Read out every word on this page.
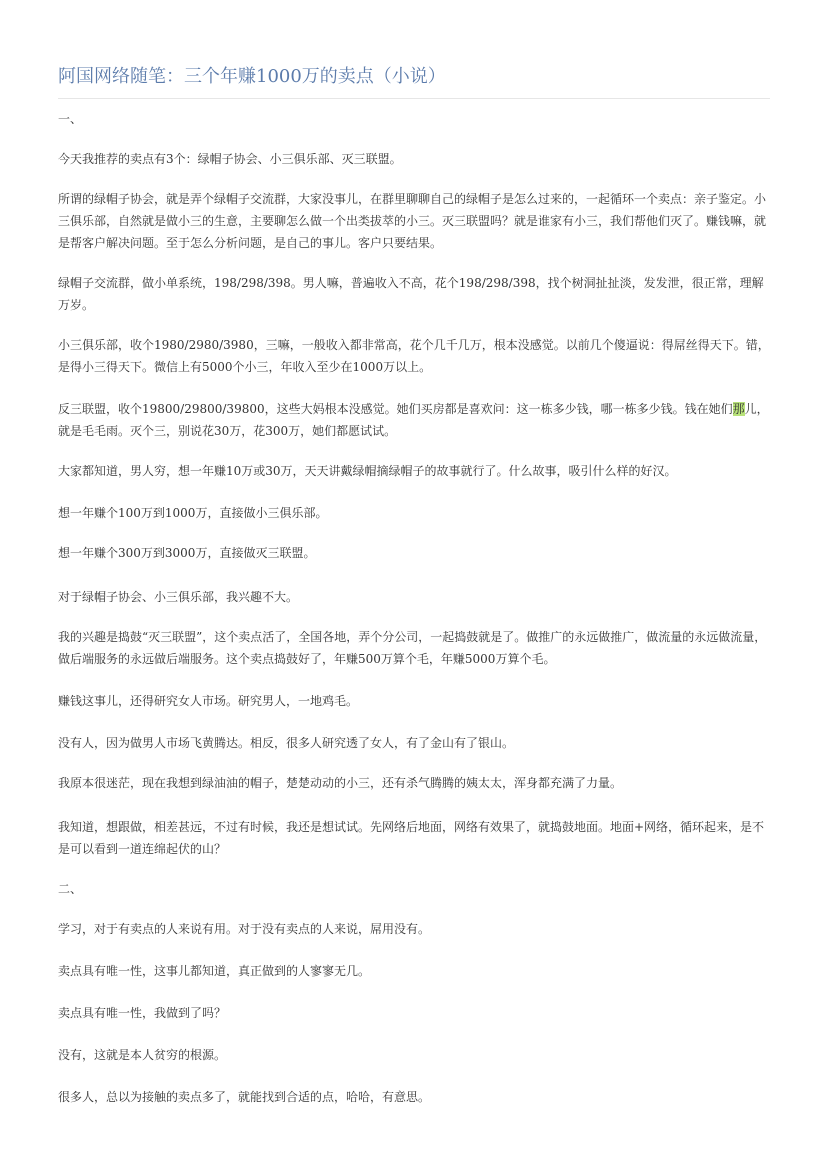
阿国网络随笔：三个年赚1000万的卖点（小说）

一、

今天我推荐的卖点有3个：绿帽子协会、小三俱乐部、灭三联盟。

所谓的绿帽子协会，就是弄个绿帽子交流群，大家没事儿，在群里聊聊自己的绿帽子是怎么过来的，一起循环一个卖点：亲子鉴定。小三俱乐部，自然就是做小三的生意，主要聊怎么做一个出类拔萃的小三。灭三联盟吗？就是谁家有小三，我们帮他们灭了。赚钱嘛，就是帮客户解决问题。至于怎么分析问题，是自己的事儿。客户只要结果。

绿帽子交流群，做小单系统，198/298/398。男人嘛，普遍收入不高，花个198/298/398，找个树洞扯扯淡，发发泄，很正常，理解万岁。

小三俱乐部，收个1980/2980/3980，三嘛，一般收入都非常高，花个几千几万，根本没感觉。以前几个傻逼说：得屌丝得天下。错，是得小三得天下。微信上有5000个小三，年收入至少在1000万以上。

反三联盟，收个19800/29800/39800，这些大妈根本没感觉。她们买房都是喜欢问：这一栋多少钱，哪一栋多少钱。钱在她们那儿，就是毛毛雨。灭个三，别说花30万，花300万，她们都愿试试。

大家都知道，男人穷，想一年赚10万或30万，天天讲戴绿帽摘绿帽子的故事就行了。什么故事，吸引什么样的好汉。

想一年赚个100万到1000万，直接做小三俱乐部。

想一年赚个300万到3000万，直接做灭三联盟。

对于绿帽子协会、小三俱乐部，我兴趣不大。

我的兴趣是捣鼓“灭三联盟”，这个卖点活了，全国各地，弄个分公司，一起捣鼓就是了。做推广的永远做推广，做流量的永远做流量，做后端服务的永远做后端服务。这个卖点捣鼓好了，年赚500万算个毛，年赚5000万算个毛。

赚钱这事儿，还得研究女人市场。研究男人，一地鸡毛。

没有人，因为做男人市场飞黄腾达。相反，很多人研究透了女人，有了金山有了银山。

我原本很迷茫，现在我想到绿油油的帽子，楚楚动动的小三，还有杀气腾腾的姨太太，浑身都充满了力量。

我知道，想跟做，相差甚远，不过有时候，我还是想试试。先网络后地面，网络有效果了，就捣鼓地面。地面+网络，循环起来，是不是可以看到一道连绵起伏的山？

二、

学习，对于有卖点的人来说有用。对于没有卖点的人来说，屌用没有。

卖点具有唯一性，这事儿都知道，真正做到的人寥寥无几。

卖点具有唯一性，我做到了吗？

没有，这就是本人贫穷的根源。

很多人，总以为接触的卖点多了，就能找到合适的点，哈哈，有意思。
